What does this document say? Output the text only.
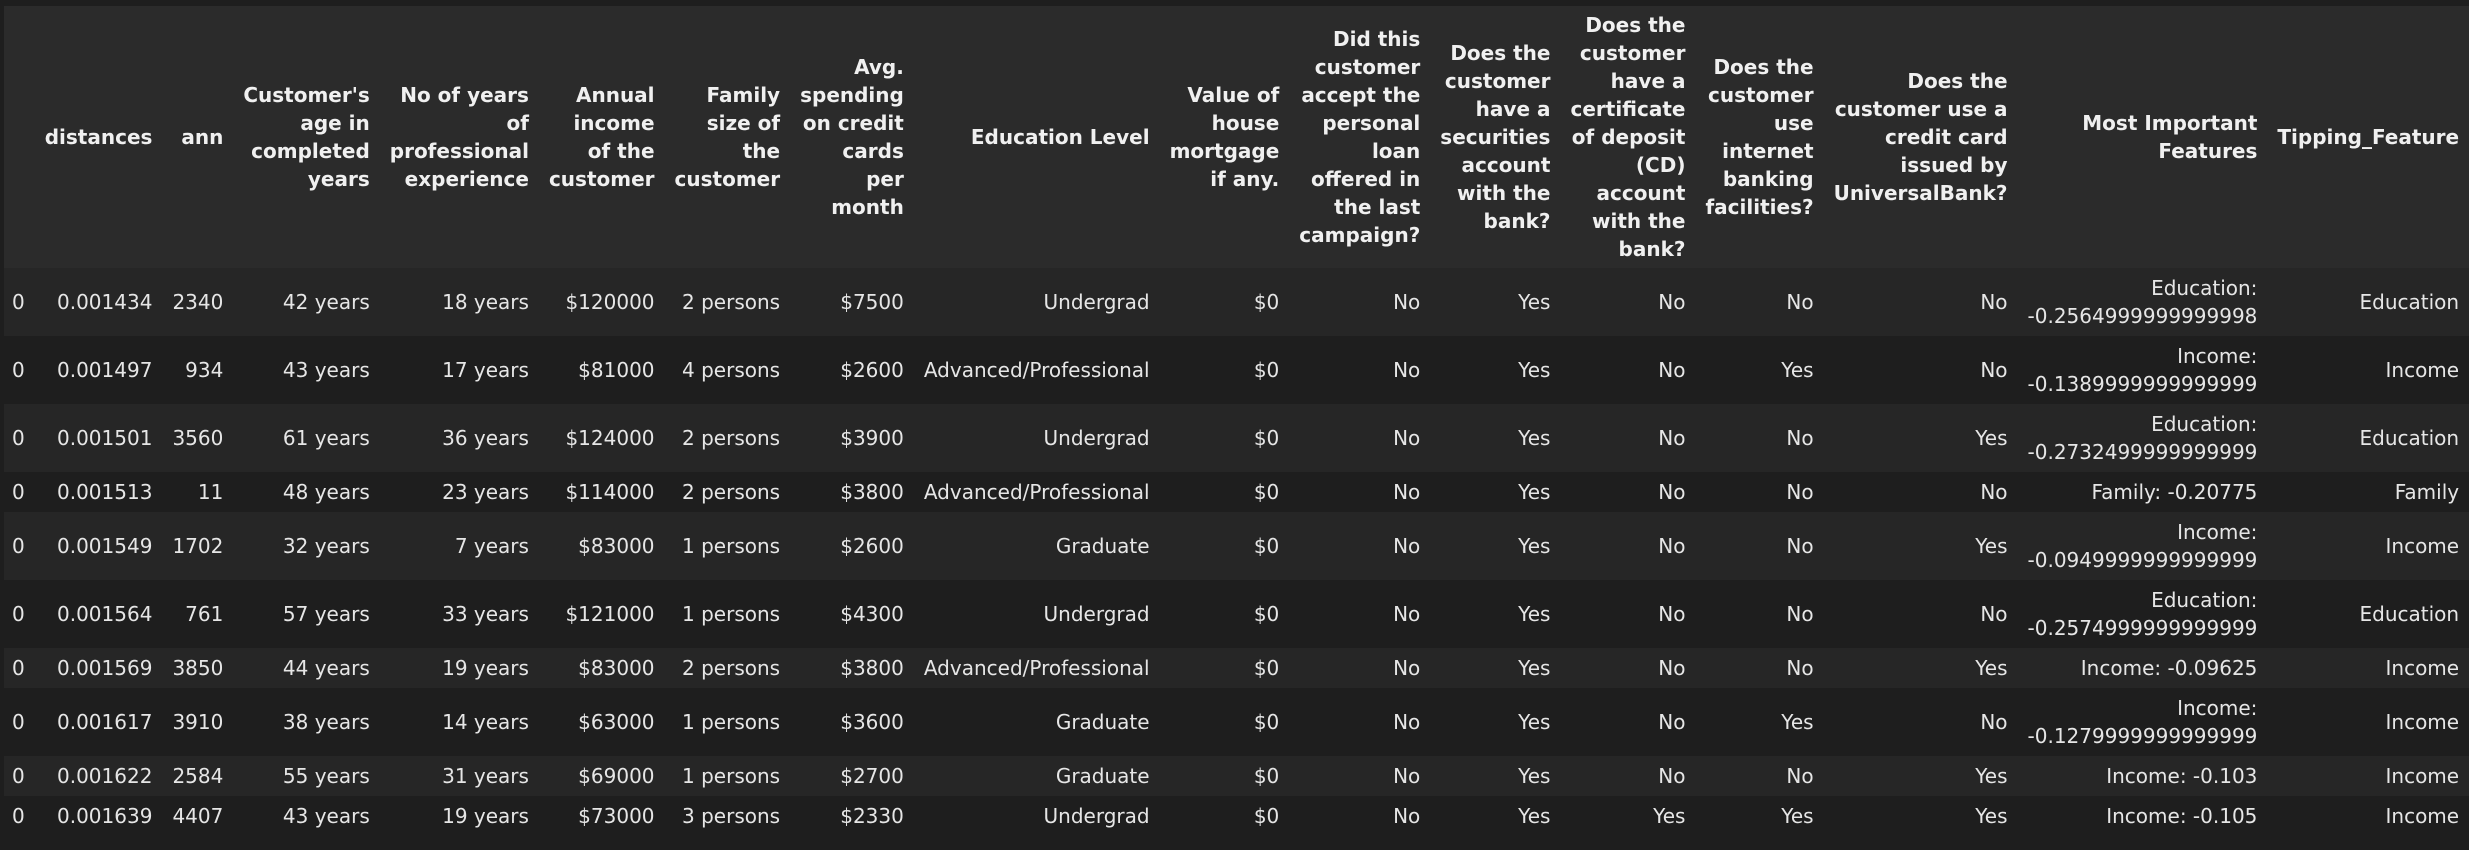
	distances	ann	Customer's age in completed years	No of years of professional experience	Annual income of the customer	Family size of the customer	Avg. spending on credit cards per month	Education Level	Value of house mortgage if any.	Did this customer accept the personal loan offered in the last campaign?	Does the customer have a securities account with the bank?	Does the customer have a certificate of deposit (CD) account with the bank?	Does the customer use internet banking facilities?	Does the customer use a credit card issued by UniversalBank?	Most Important Features	Tipping_Feature
0	0.001434	2340	42 years	18 years	$120000	2 persons	$7500	Undergrad	$0	No	Yes	No	No	No	Education: -0.2564999999999998	Education
0	0.001497	934	43 years	17 years	$81000	4 persons	$2600	Advanced/Professional	$0	No	Yes	No	Yes	No	Income: -0.1389999999999999	Income
0	0.001501	3560	61 years	36 years	$124000	2 persons	$3900	Undergrad	$0	No	Yes	No	No	Yes	Education: -0.2732499999999999	Education
0	0.001513	11	48 years	23 years	$114000	2 persons	$3800	Advanced/Professional	$0	No	Yes	No	No	No	Family: -0.20775	Family
0	0.001549	1702	32 years	7 years	$83000	1 persons	$2600	Graduate	$0	No	Yes	No	No	Yes	Income: -0.0949999999999999	Income
0	0.001564	761	57 years	33 years	$121000	1 persons	$4300	Undergrad	$0	No	Yes	No	No	No	Education: -0.2574999999999999	Education
0	0.001569	3850	44 years	19 years	$83000	2 persons	$3800	Advanced/Professional	$0	No	Yes	No	No	Yes	Income: -0.09625	Income
0	0.001617	3910	38 years	14 years	$63000	1 persons	$3600	Graduate	$0	No	Yes	No	Yes	No	Income: -0.1279999999999999	Income
0	0.001622	2584	55 years	31 years	$69000	1 persons	$2700	Graduate	$0	No	Yes	No	No	Yes	Income: -0.103	Income
0	0.001639	4407	43 years	19 years	$73000	3 persons	$2330	Undergrad	$0	No	Yes	Yes	Yes	Yes	Income: -0.105	Income
